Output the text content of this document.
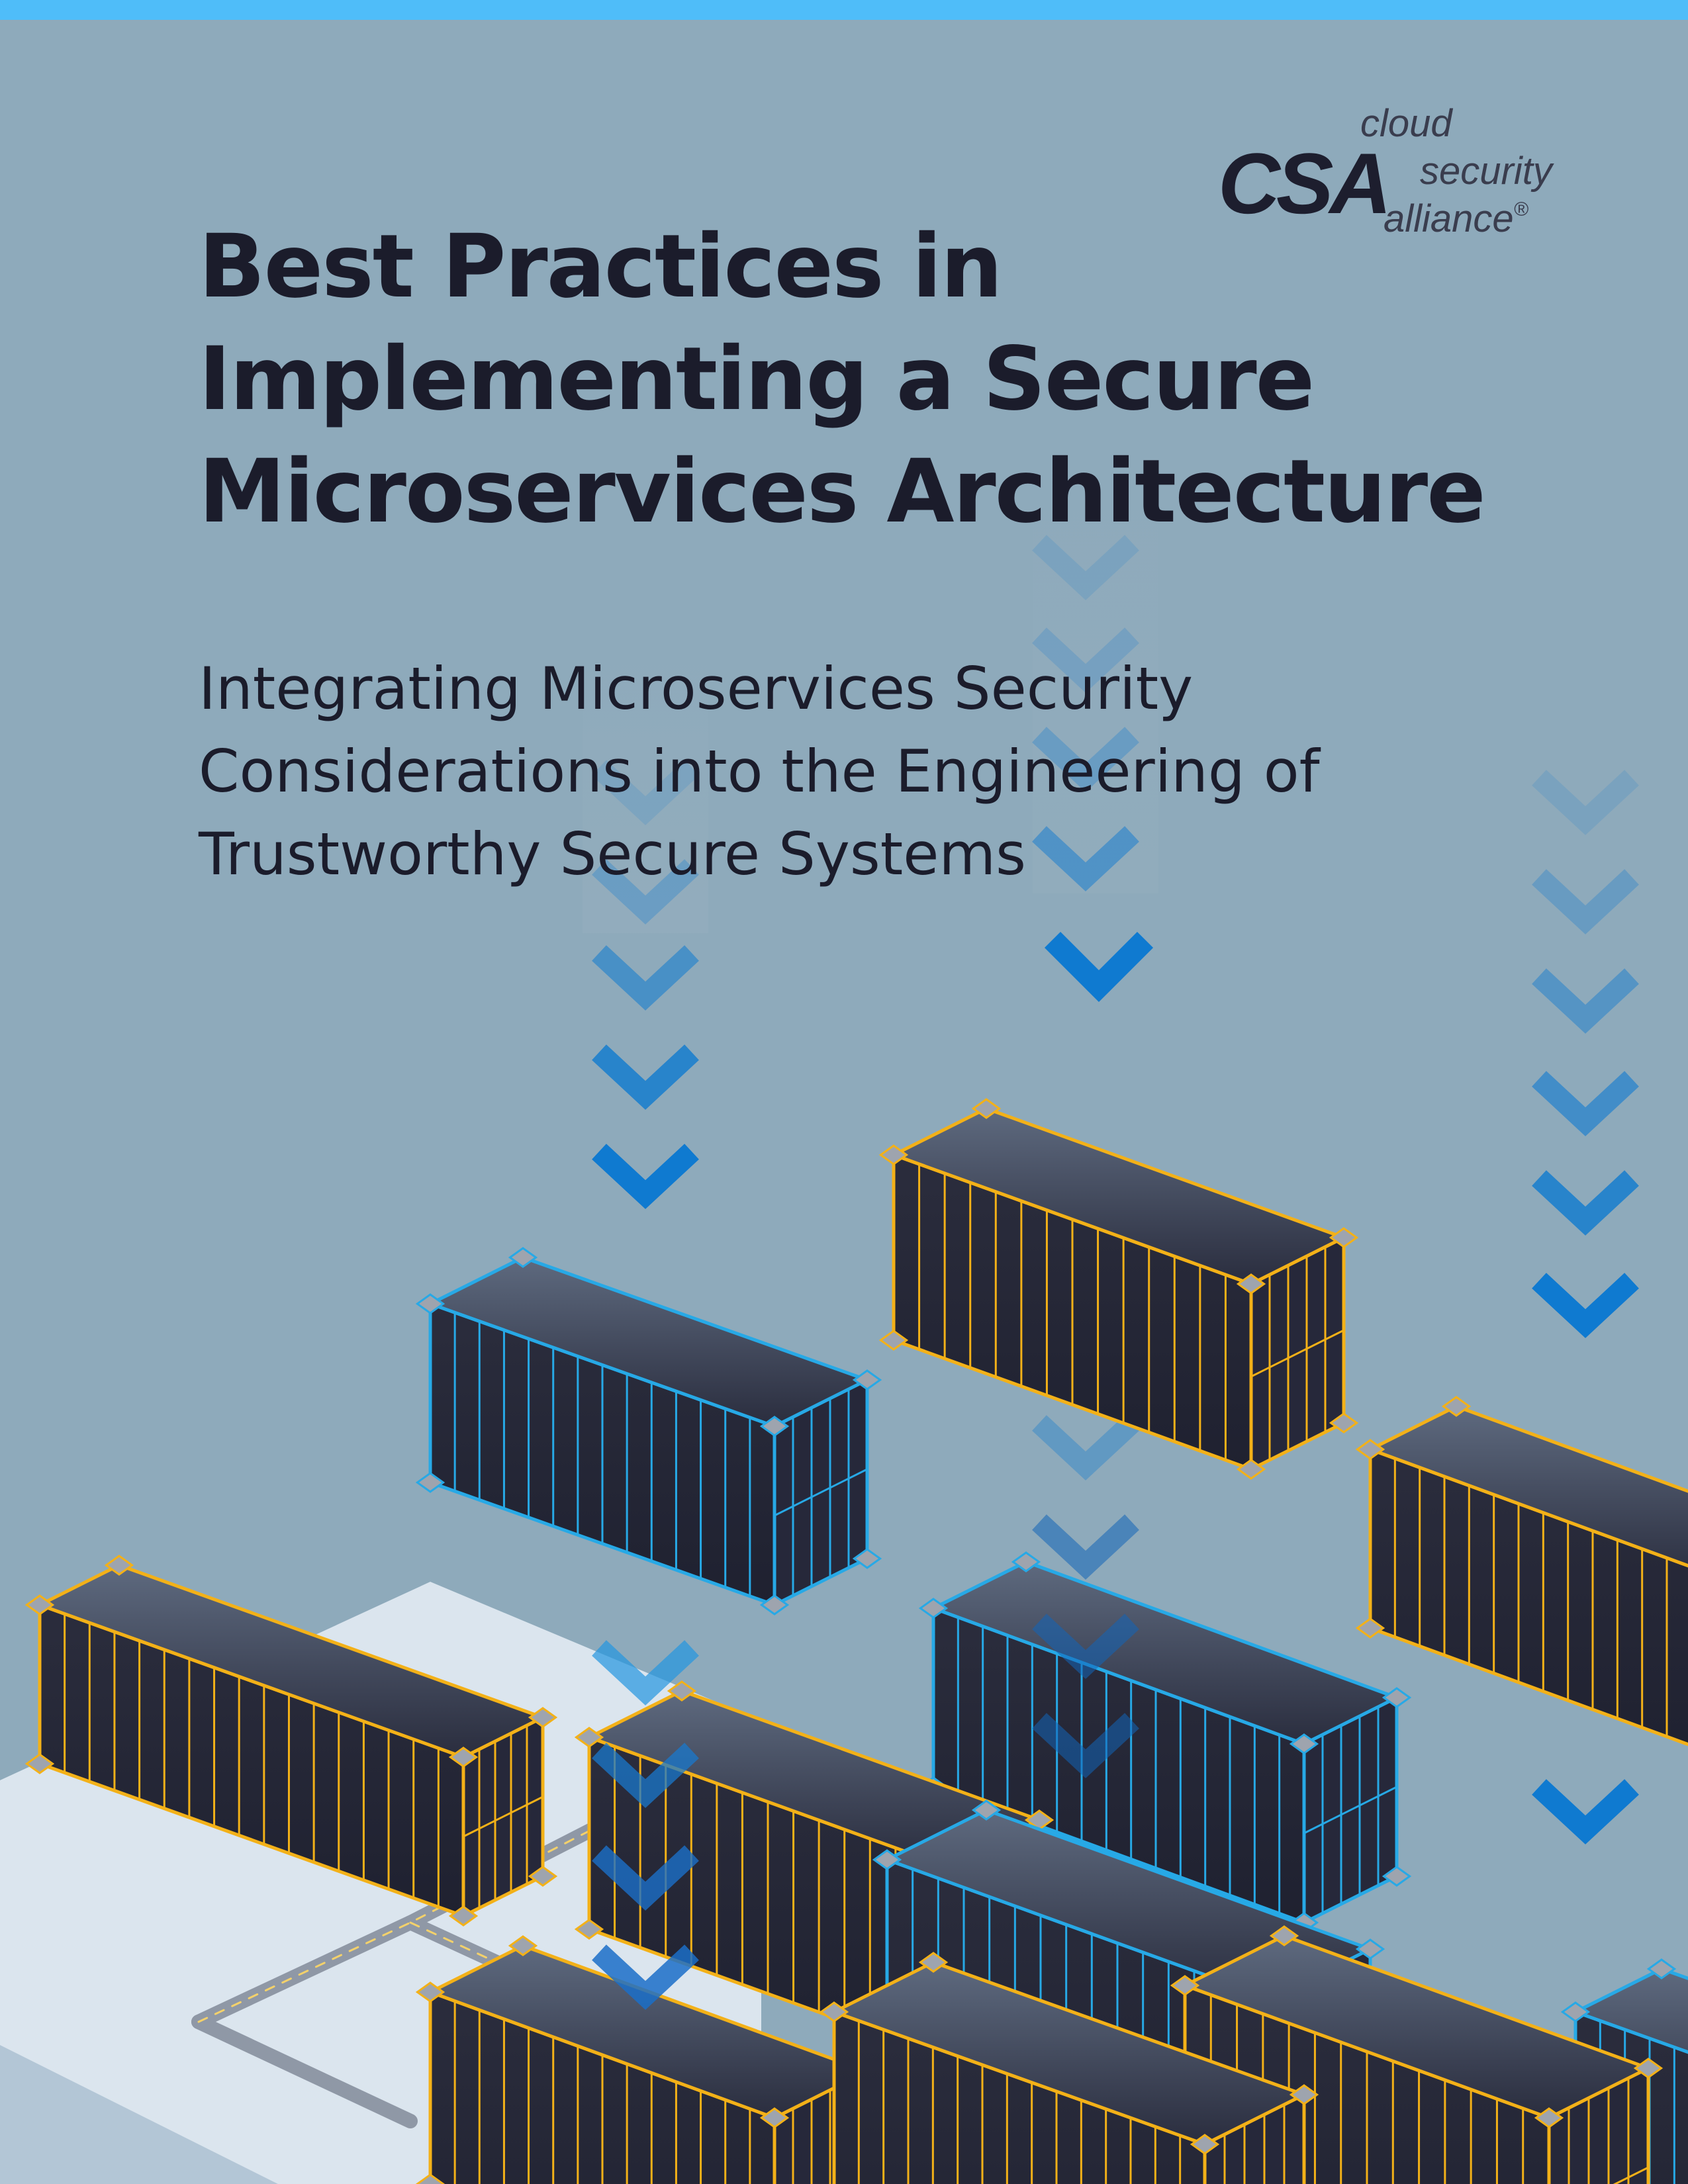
CSA
cloud
security
alliance®
Best Practices in Implementing a Secure Microservices Architecture

Integrating Microservices Security Considerations into the Engineering of Trustworthy Secure Systems
